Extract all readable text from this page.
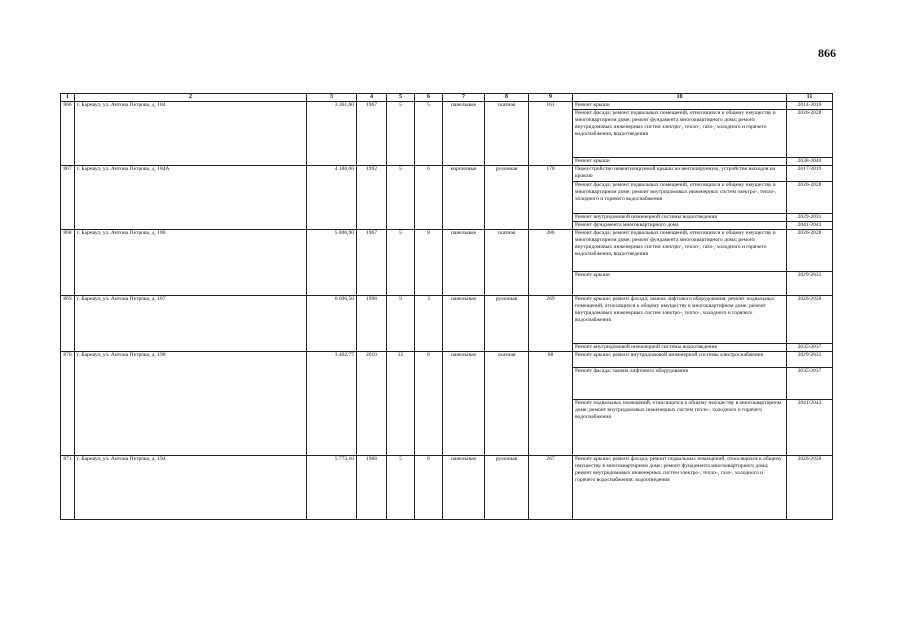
866
1	2	3	4	5	6	7	8	9	10	11
866	г. Барнаул, ул. Антона Петрова, д. 184	3 361,60	1967	5	5	панельные	скатная	161	Ремонт крыши	2014-2016
									Ремонт фасада; ремонт подвальных помещений, относящихся к общему имуществу в многоквартирном доме; ремонт фундамента многоквартирного дома; ремонт внутридомовых инженерных систем электро-, тепло-, газо-, холодного и горячего водоснабжения, водоотведения	2026-2028
									Ремонт крыши	2038-2040
867	г. Барнаул, ул. Антона Петрова, д. 184А	4 180,06	1992	5	6	кирпичные	рулонная	170	Переустройство невентилируемой крыши на вентилируемую, устройство выходов на кровлю	2017-2019
									Ремонт фасада; ремонт подвальных помещений, относящихся к общему имуществу в многоквартирном доме; ремонт внутридомовых инженерных систем электро-, тепло-, холодного и горячего водоснабжения	2026-2028
									Ремонт внутридомовой инженерной системы водоотведения	2029-2031
									Ремонт фундамента многоквартирного дома	2041-2043
868	г. Барнаул, ул. Антона Петрова, д. 186	5 806,90	1967	5	8	панельные	скатная	286	Ремонт фасада; ремонт подвальных помещений, относящихся к общему имуществу в многоквартирном доме; ремонт фундамента многоквартирного дома; ремонт внутридомовых инженерных систем электро-, тепло-, газо-, холодного и горячего водоснабжения, водоотведения	2026-2028
									Ремонт крыши	2029-2031
869	г. Барнаул, ул. Антона Петрова, д. 187	6 696,50	1998	9	3	панельные	рулонная	269	Ремонт крыши; ремонт фасада; замена лифтового оборудования; ремонт подвальных помещений, относящихся к общему имуществу в многоквартирном доме; ремонт внутридомовых инженерных систем электро-, тепло-, холодного и горячего водоснабжения	2026-2028
									Ремонт внутридомовой инженерной системы водоотведения	2035-2037
870	г. Барнаул, ул. Антона Петрова, д. 190	3 402,77	2010	12	8	панельные	скатная	88	Ремонт крыши; ремонт внутридомовой инженерной системы электроснабжения	2029-2031
									Ремонт фасада; замена лифтового оборудования	2035-2037
									Ремонт подвальных помещений, относящихся к общему имуществу в многоквартирном доме; ремонт внутридомовых инженерных систем тепло-, холодного и горячего водоснабжения	2041-2043
871	г. Барнаул, ул. Антона Петрова, д. 194	5 773,10	1968	5	8	панельные	рулонная	267	Ремонт крыши; ремонт фасада; ремонт подвальных помещений, относящихся к общему имуществу в многоквартирном доме; ремонт фундамента многоквартирного дома; ремонт внутридомовых инженерных систем электро-, тепло-, газо-, холодного и горячего водоснабжения, водоотведения	2026-2028
